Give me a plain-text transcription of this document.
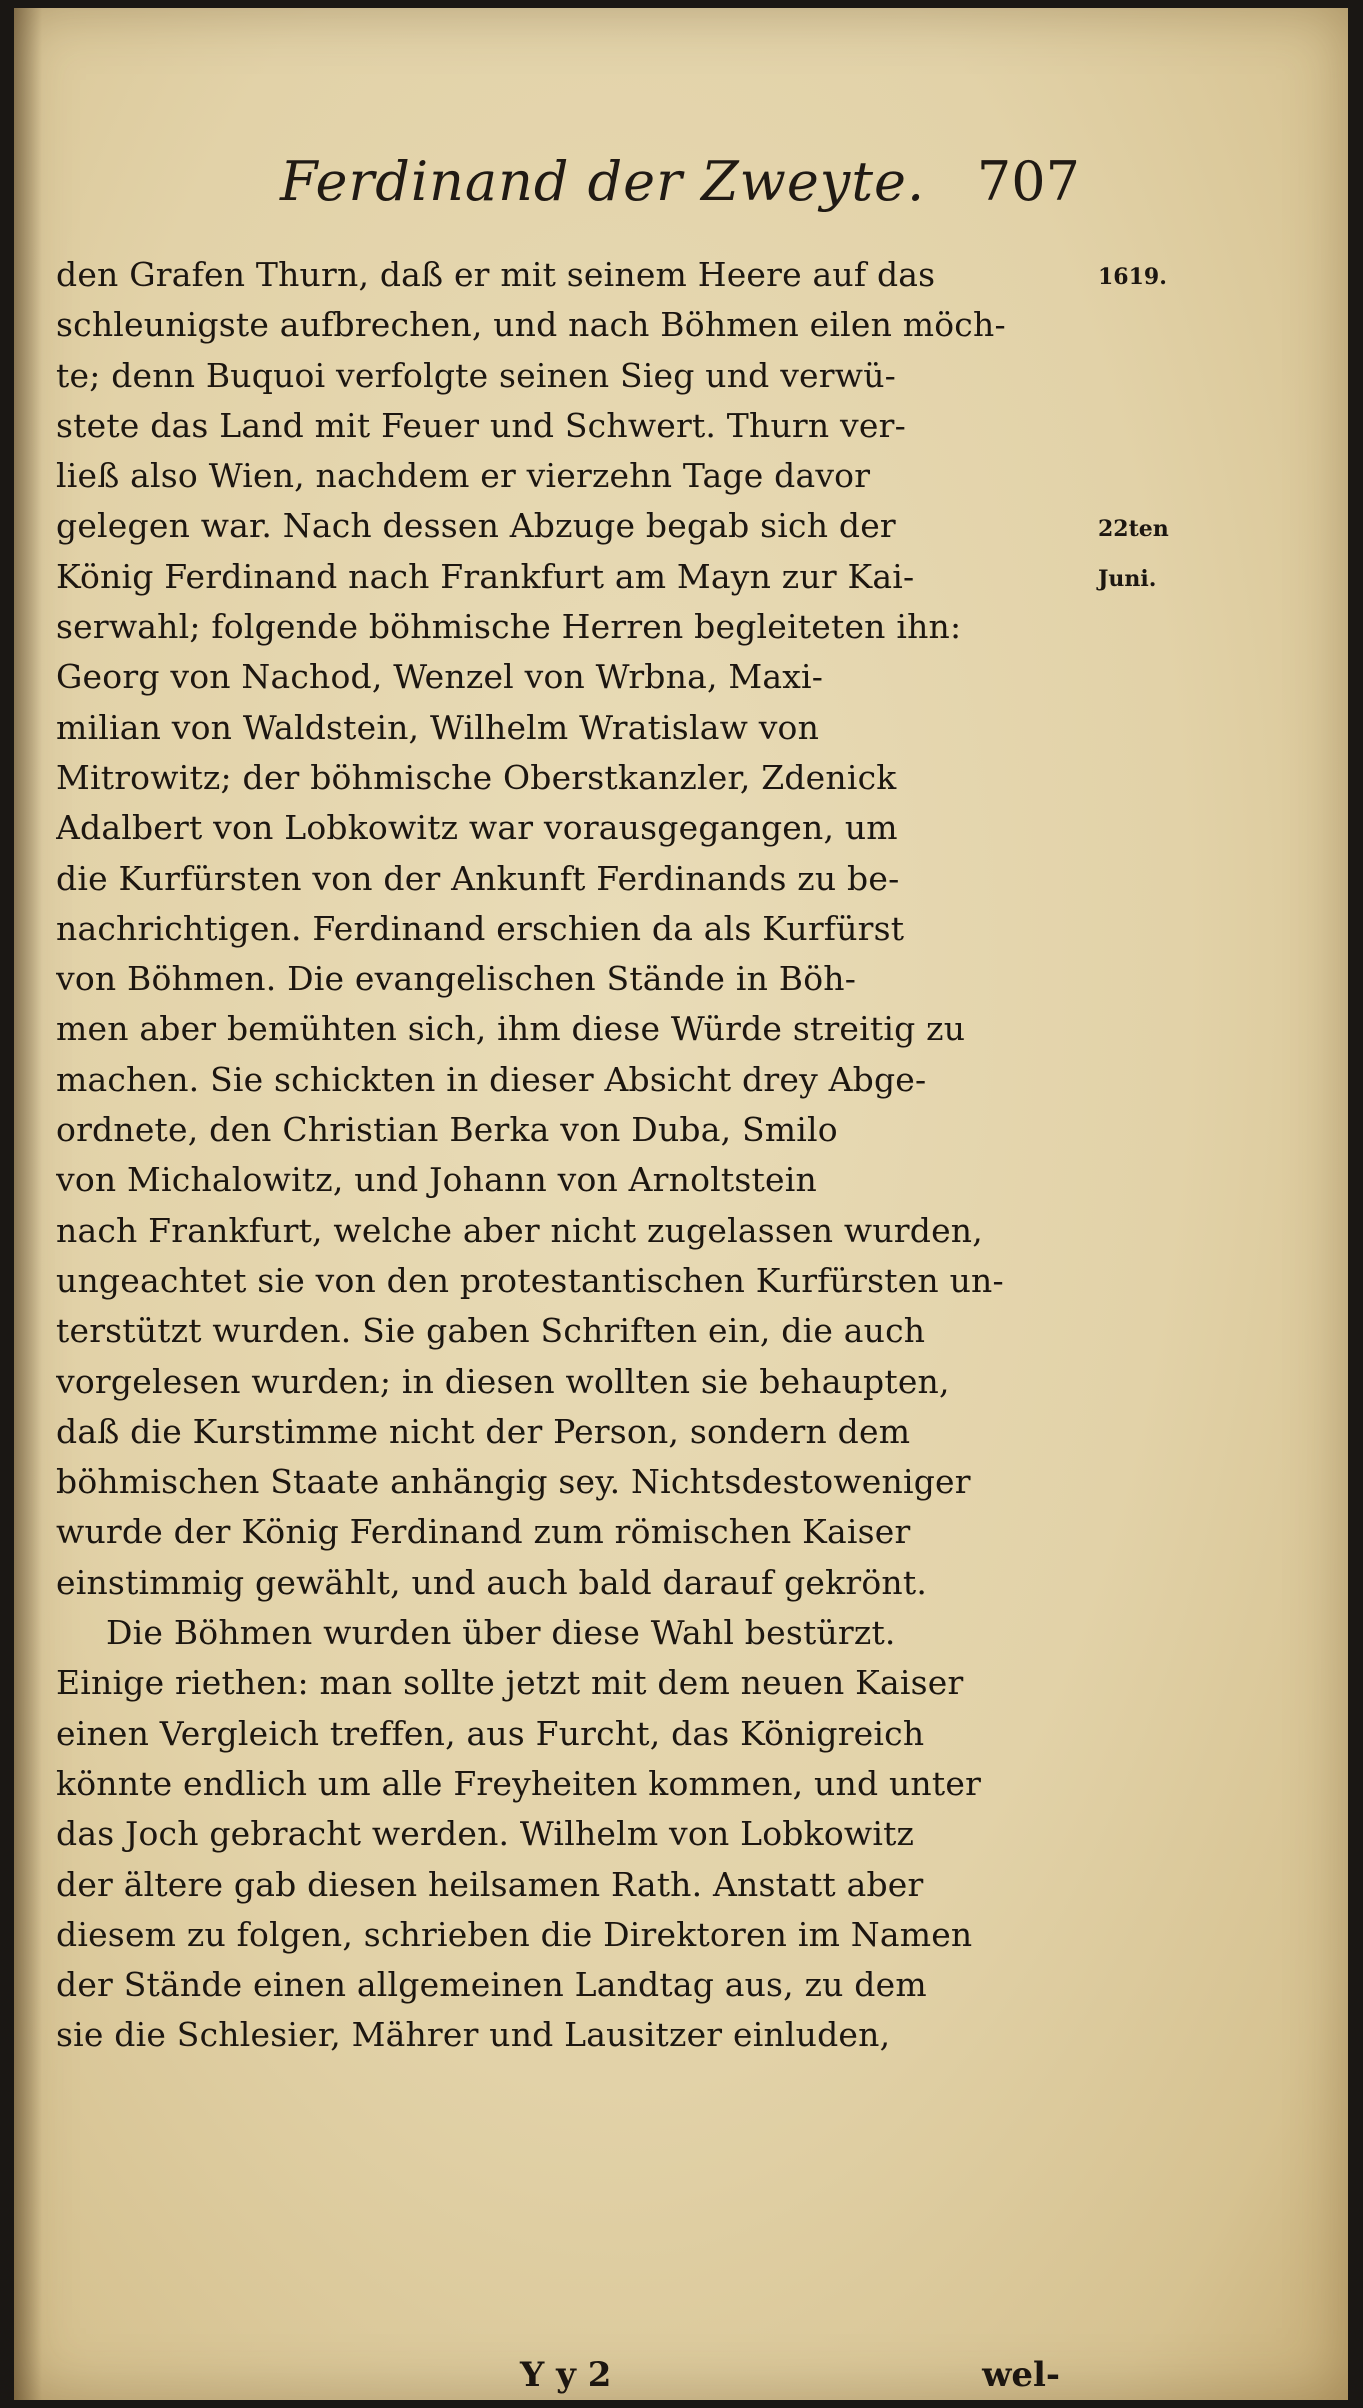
Ferdinand der Zweyte. 707
den Grafen Thurn, daß er mit seinem Heere auf das
schleunigste aufbrechen, und nach Böhmen eilen möch-
te; denn Buquoi verfolgte seinen Sieg und verwü-
stete das Land mit Feuer und Schwert. Thurn ver-
ließ also Wien, nachdem er vierzehn Tage davor
gelegen war. Nach dessen Abzuge begab sich der
König Ferdinand nach Frankfurt am Mayn zur Kai-
serwahl; folgende böhmische Herren begleiteten ihn:
Georg von Nachod, Wenzel von Wrbna, Maxi-
milian von Waldstein, Wilhelm Wratislaw von
Mitrowitz; der böhmische Oberstkanzler, Zdenick
Adalbert von Lobkowitz war vorausgegangen, um
die Kurfürsten von der Ankunft Ferdinands zu be-
nachrichtigen. Ferdinand erschien da als Kurfürst
von Böhmen. Die evangelischen Stände in Böh-
men aber bemühten sich, ihm diese Würde streitig zu
machen. Sie schickten in dieser Absicht drey Abge-
ordnete, den Christian Berka von Duba, Smilo
von Michalowitz, und Johann von Arnoltstein
nach Frankfurt, welche aber nicht zugelassen wurden,
ungeachtet sie von den protestantischen Kurfürsten un-
terstützt wurden. Sie gaben Schriften ein, die auch
vorgelesen wurden; in diesen wollten sie behaupten,
daß die Kurstimme nicht der Person, sondern dem
böhmischen Staate anhängig sey. Nichtsdestoweniger
wurde der König Ferdinand zum römischen Kaiser
einstimmig gewählt, und auch bald darauf gekrönt.
Die Böhmen wurden über diese Wahl bestürzt.
Einige riethen: man sollte jetzt mit dem neuen Kaiser
einen Vergleich treffen, aus Furcht, das Königreich
könnte endlich um alle Freyheiten kommen, und unter
das Joch gebracht werden. Wilhelm von Lobkowitz
der ältere gab diesen heilsamen Rath. Anstatt aber
diesem zu folgen, schrieben die Direktoren im Namen
der Stände einen allgemeinen Landtag aus, zu dem
sie die Schlesier, Mährer und Lausitzer einluden,
1619.
22ten
Juni.
Y y 2	wel-
